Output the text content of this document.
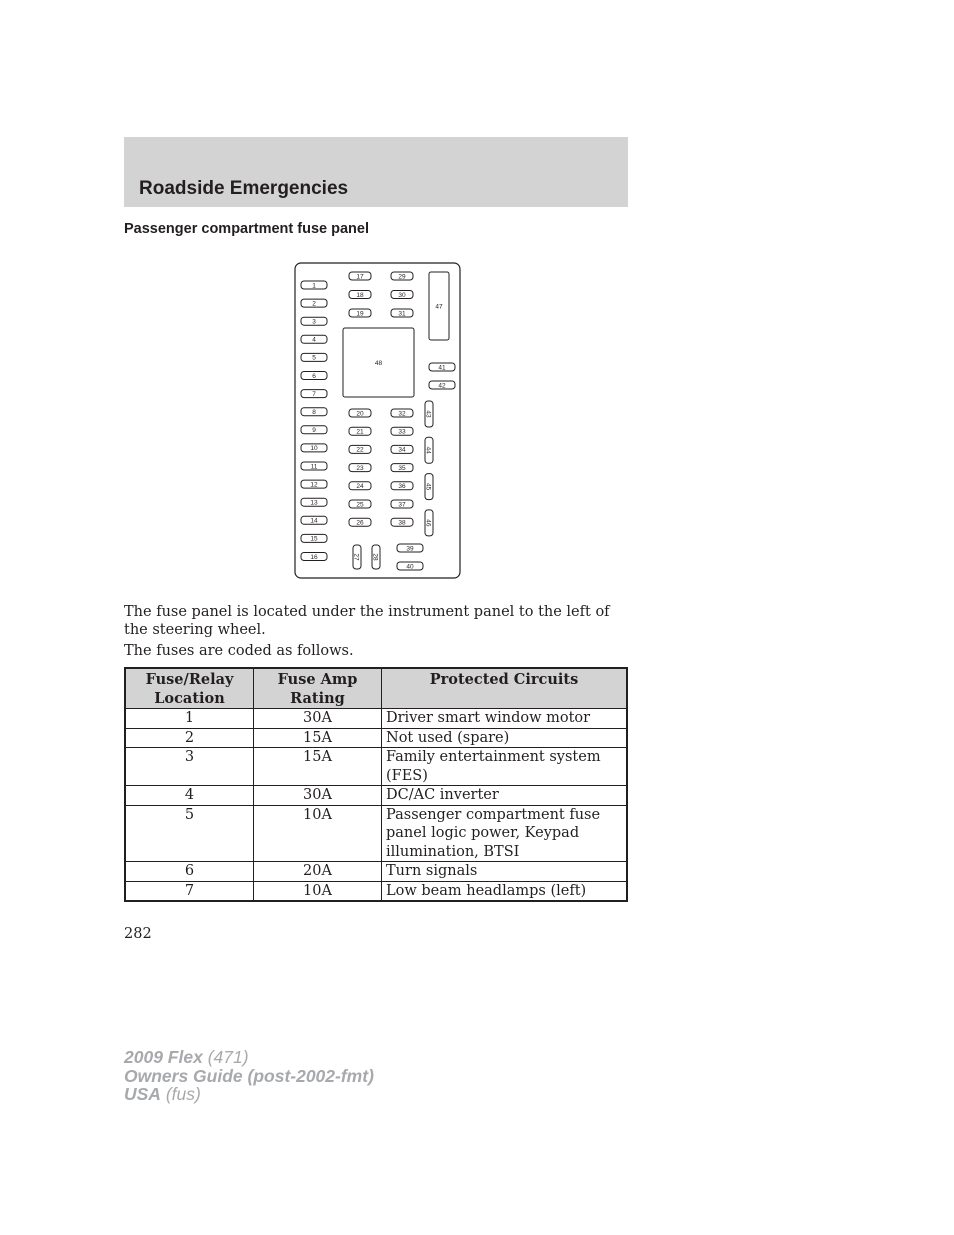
Roadside Emergencies
Passenger compartment fuse panel
1
2
3
4
5
6
7
8
9
10
11
12
13
14
15
16
17
18
19
29
30
31
20
21
22
23
24
25
26
32
33
34
35
36
37
38
27 28
39
40
41
42
43
44
45
46
47
48
The fuse panel is located under the instrument panel to the left of the steering wheel.
The fuses are coded as follows.
Fuse/Relay Location	Fuse Amp Rating	Protected Circuits
1	30A	Driver smart window motor
2	15A	Not used (spare)
3	15A	Family entertainment system (FES)
4	30A	DC/AC inverter
5	10A	Passenger compartment fuse panel logic power, Keypad illumination, BTSI
6	20A	Turn signals
7	10A	Low beam headlamps (left)
282
2009 Flex (471)
Owners Guide (post-2002-fmt)
USA (fus)
